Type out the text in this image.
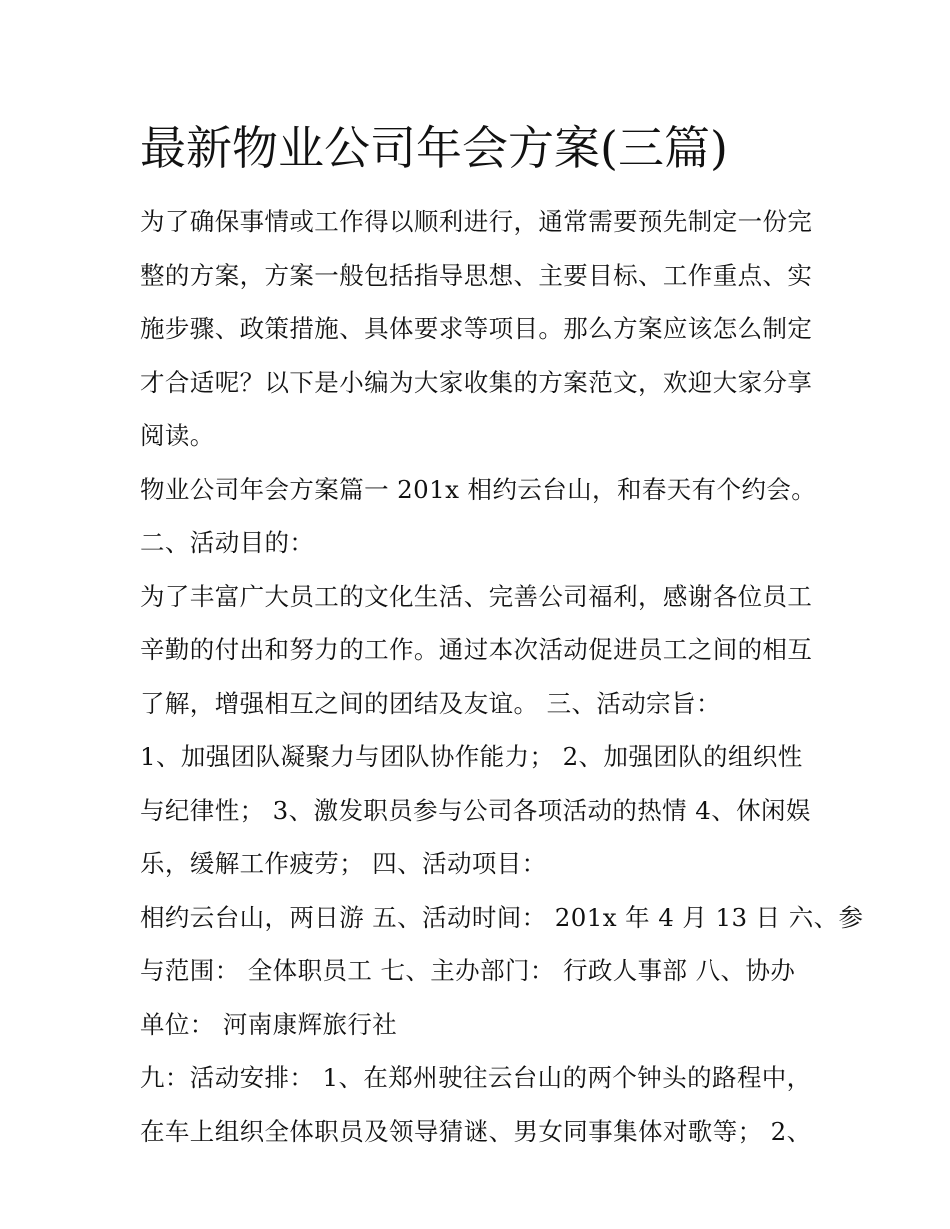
最新物业公司年会方案(三篇)
为了确保事情或工作得以顺利进行，通常需要预先制定一份完
整的方案，方案一般包括指导思想、主要目标、工作重点、实
施步骤、政策措施、具体要求等项目。那么方案应该怎么制定
才合适呢？以下是小编为大家收集的方案范文，欢迎大家分享
阅读。
物业公司年会方案篇一 201x 相约云台山，和春天有个约会。
二、活动目的：
为了丰富广大员工的文化生活、完善公司福利，感谢各位员工
辛勤的付出和努力的工作。通过本次活动促进员工之间的相互
了解，增强相互之间的团结及友谊。 三、活动宗旨：
1、加强团队凝聚力与团队协作能力； 2、加强团队的组织性
与纪律性； 3、激发职员参与公司各项活动的热情 4、休闲娱
乐，缓解工作疲劳； 四、活动项目：
相约云台山，两日游 五、活动时间： 201x 年 4 月 13 日 六、参
与范围： 全体职员工 七、主办部门： 行政人事部 八、协办
单位： 河南康辉旅行社
九：活动安排： 1、在郑州驶往云台山的两个钟头的路程中，
在车上组织全体职员及领导猜谜、男女同事集体对歌等； 2、
